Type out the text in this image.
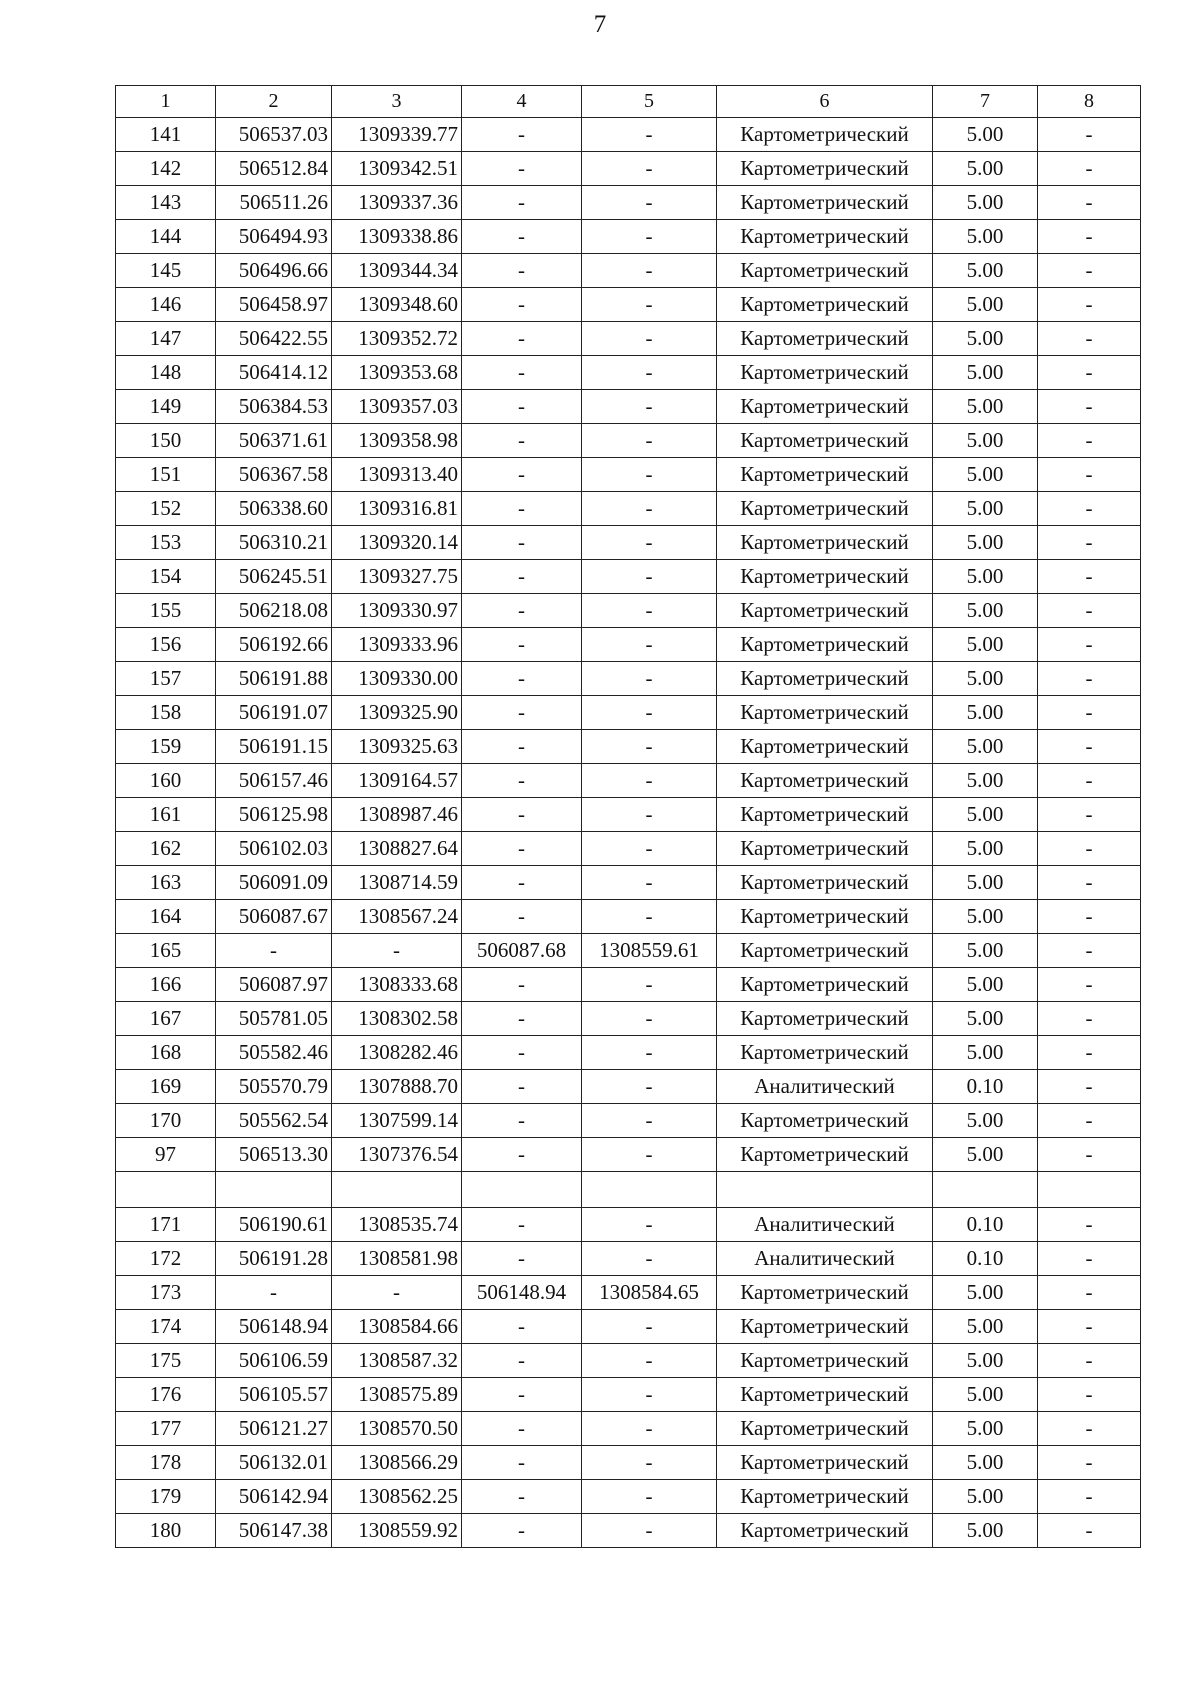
7
1	2	3	4	5	6	7	8
141	506537.03	1309339.77	-	-	Картометрический	5.00	-
142	506512.84	1309342.51	-	-	Картометрический	5.00	-
143	506511.26	1309337.36	-	-	Картометрический	5.00	-
144	506494.93	1309338.86	-	-	Картометрический	5.00	-
145	506496.66	1309344.34	-	-	Картометрический	5.00	-
146	506458.97	1309348.60	-	-	Картометрический	5.00	-
147	506422.55	1309352.72	-	-	Картометрический	5.00	-
148	506414.12	1309353.68	-	-	Картометрический	5.00	-
149	506384.53	1309357.03	-	-	Картометрический	5.00	-
150	506371.61	1309358.98	-	-	Картометрический	5.00	-
151	506367.58	1309313.40	-	-	Картометрический	5.00	-
152	506338.60	1309316.81	-	-	Картометрический	5.00	-
153	506310.21	1309320.14	-	-	Картометрический	5.00	-
154	506245.51	1309327.75	-	-	Картометрический	5.00	-
155	506218.08	1309330.97	-	-	Картометрический	5.00	-
156	506192.66	1309333.96	-	-	Картометрический	5.00	-
157	506191.88	1309330.00	-	-	Картометрический	5.00	-
158	506191.07	1309325.90	-	-	Картометрический	5.00	-
159	506191.15	1309325.63	-	-	Картометрический	5.00	-
160	506157.46	1309164.57	-	-	Картометрический	5.00	-
161	506125.98	1308987.46	-	-	Картометрический	5.00	-
162	506102.03	1308827.64	-	-	Картометрический	5.00	-
163	506091.09	1308714.59	-	-	Картометрический	5.00	-
164	506087.67	1308567.24	-	-	Картометрический	5.00	-
165	-	-	506087.68	1308559.61	Картометрический	5.00	-
166	506087.97	1308333.68	-	-	Картометрический	5.00	-
167	505781.05	1308302.58	-	-	Картометрический	5.00	-
168	505582.46	1308282.46	-	-	Картометрический	5.00	-
169	505570.79	1307888.70	-	-	Аналитический	0.10	-
170	505562.54	1307599.14	-	-	Картометрический	5.00	-
97	506513.30	1307376.54	-	-	Картометрический	5.00	-

171	506190.61	1308535.74	-	-	Аналитический	0.10	-
172	506191.28	1308581.98	-	-	Аналитический	0.10	-
173	-	-	506148.94	1308584.65	Картометрический	5.00	-
174	506148.94	1308584.66	-	-	Картометрический	5.00	-
175	506106.59	1308587.32	-	-	Картометрический	5.00	-
176	506105.57	1308575.89	-	-	Картометрический	5.00	-
177	506121.27	1308570.50	-	-	Картометрический	5.00	-
178	506132.01	1308566.29	-	-	Картометрический	5.00	-
179	506142.94	1308562.25	-	-	Картометрический	5.00	-
180	506147.38	1308559.92	-	-	Картометрический	5.00	-
